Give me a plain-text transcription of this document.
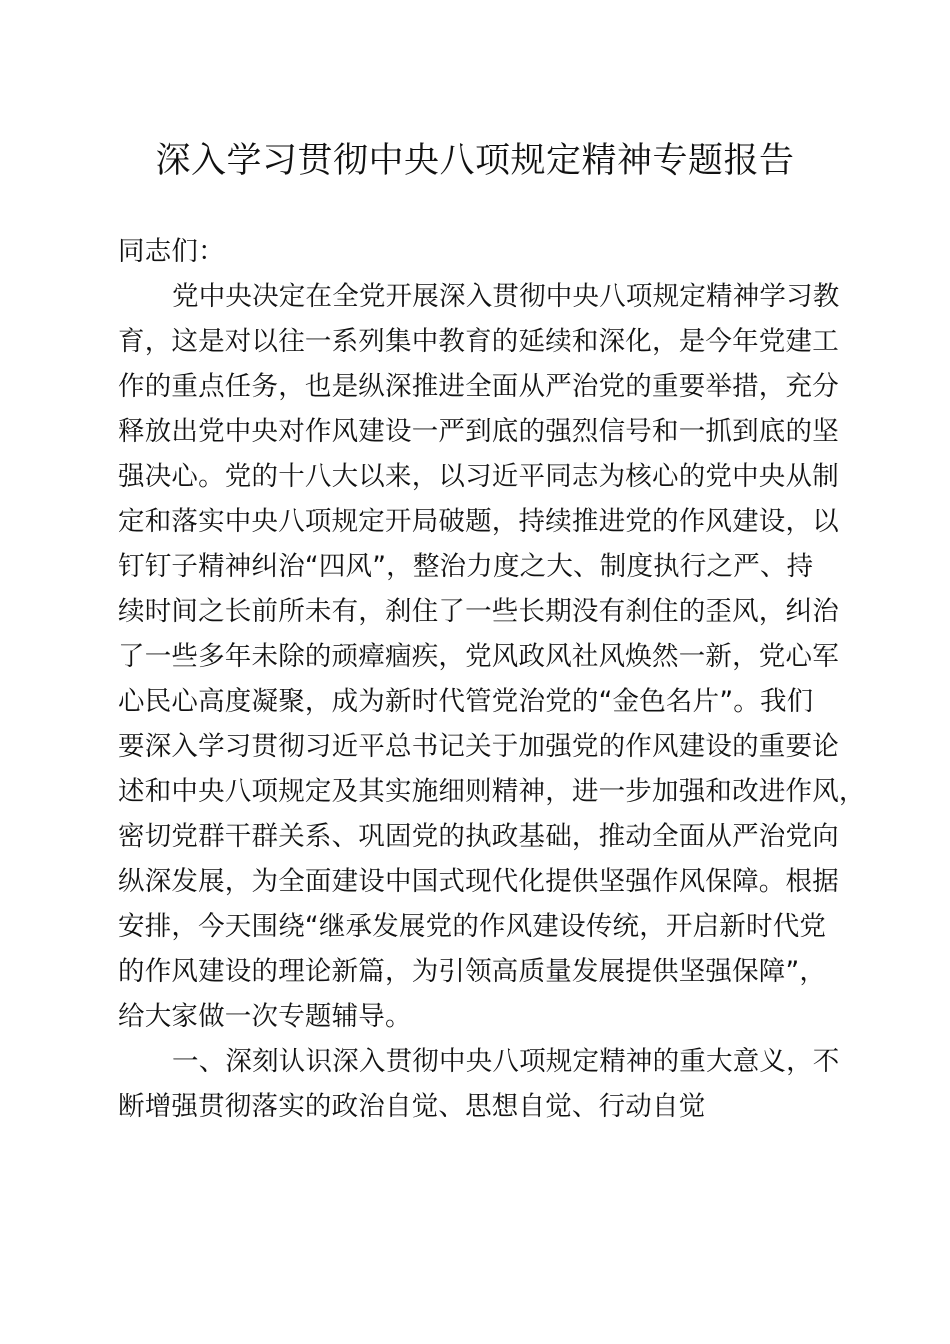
深入学习贯彻中央八项规定精神专题报告
同志们：
党中央决定在全党开展深入贯彻中央八项规定精神学习教
育，这是对以往一系列集中教育的延续和深化，是今年党建工
作的重点任务，也是纵深推进全面从严治党的重要举措，充分
释放出党中央对作风建设一严到底的强烈信号和一抓到底的坚
强决心。党的十八大以来，以习近平同志为核心的党中央从制
定和落实中央八项规定开局破题，持续推进党的作风建设，以
钉钉子精神纠治“四风”，整治力度之大、制度执行之严、持
续时间之长前所未有，刹住了一些长期没有刹住的歪风，纠治
了一些多年未除的顽瘴痼疾，党风政风社风焕然一新，党心军
心民心高度凝聚，成为新时代管党治党的“金色名片”。我们
要深入学习贯彻习近平总书记关于加强党的作风建设的重要论
述和中央八项规定及其实施细则精神，进一步加强和改进作风，
密切党群干群关系、巩固党的执政基础，推动全面从严治党向
纵深发展，为全面建设中国式现代化提供坚强作风保障。根据
安排，今天围绕“继承发展党的作风建设传统，开启新时代党
的作风建设的理论新篇，为引领高质量发展提供坚强保障”，
给大家做一次专题辅导。
一、深刻认识深入贯彻中央八项规定精神的重大意义，不
断增强贯彻落实的政治自觉、思想自觉、行动自觉
